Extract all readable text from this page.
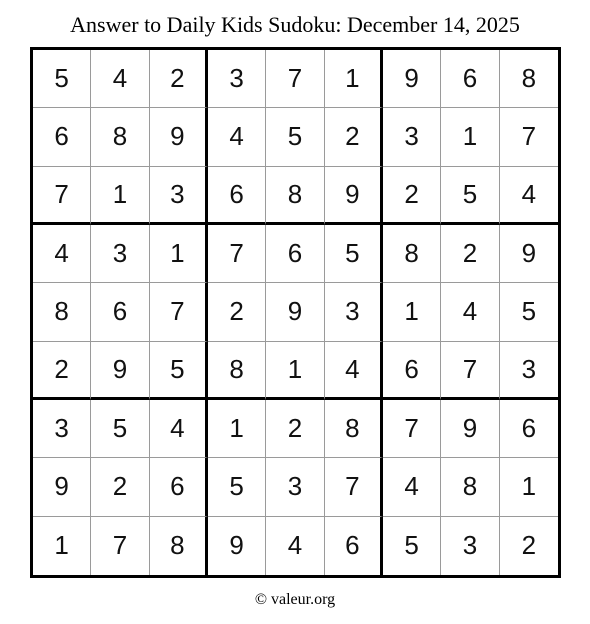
Answer to Daily Kids Sudoku: December 14, 2025
5	4	2	3	7	1	9	6	8
6	8	9	4	5	2	3	1	7
7	1	3	6	8	9	2	5	4
4	3	1	7	6	5	8	2	9
8	6	7	2	9	3	1	4	5
2	9	5	8	1	4	6	7	3
3	5	4	1	2	8	7	9	6
9	2	6	5	3	7	4	8	1
1	7	8	9	4	6	5	3	2
© valeur.org
